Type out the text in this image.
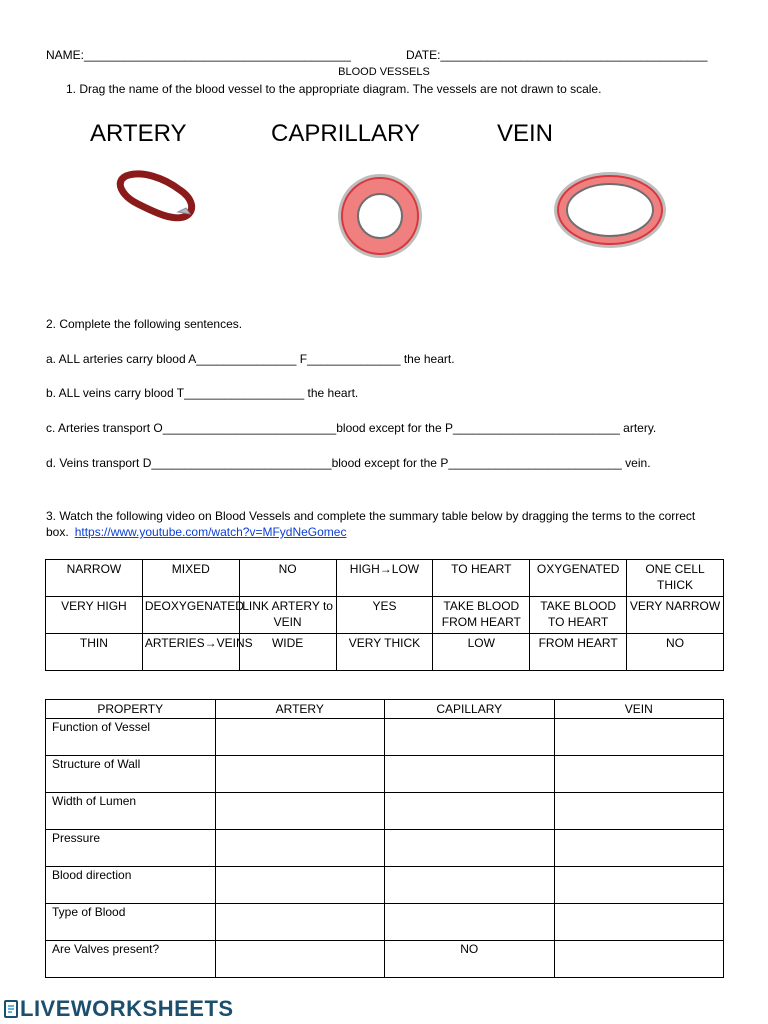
NAME:________________________________________	DATE:________________________________________
BLOOD VESSELS
1. Drag the name of the blood vessel to the appropriate diagram. The vessels are not drawn to scale.
ARTERY	CAPRILLARY	VEIN
2. Complete the following sentences.
a. ALL arteries carry blood A_______________ F______________ the heart.
b. ALL veins carry blood T__________________ the heart.
c. Arteries transport O__________________________blood except for the P_________________________ artery.
d. Veins transport D___________________________blood except for the P__________________________ vein.
3. Watch the following video on Blood Vessels and complete the summary table below by dragging the terms to the correct box. https://www.youtube.com/watch?v=MFydNeGomec
NARROW	MIXED	NO	HIGH→LOW	TO HEART	OXYGENATED	ONE CELL THICK
VERY HIGH	DEOXYGENATED	LINK ARTERY to VEIN	YES	TAKE BLOOD FROM HEART	TAKE BLOOD TO HEART	VERY NARROW
THIN	ARTERIES→VEINS	WIDE	VERY THICK	LOW	FROM HEART	NO
PROPERTY	ARTERY	CAPILLARY	VEIN
Function of Vessel			
Structure of Wall			
Width of Lumen			
Pressure			
Blood direction			
Type of Blood			
Are Valves present?		NO	
LIVEWORKSHEETS
